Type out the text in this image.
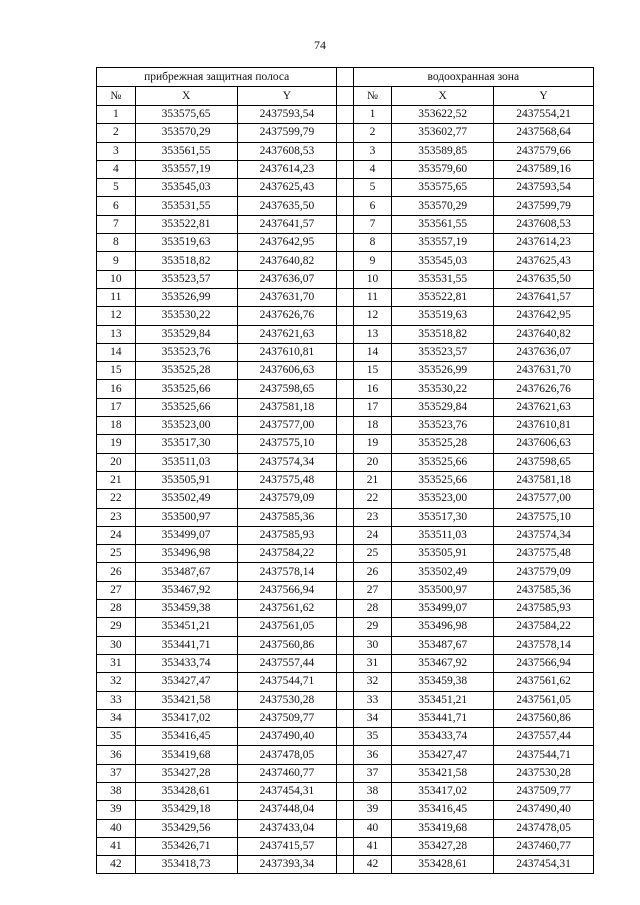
74
прибрежная защитная полоса				водоохранная зона		
№	X	Y		№	X	Y
1	353575,65	2437593,54		1	353622,52	2437554,21
2	353570,29	2437599,79		2	353602,77	2437568,64
3	353561,55	2437608,53		3	353589,85	2437579,66
4	353557,19	2437614,23		4	353579,60	2437589,16
5	353545,03	2437625,43		5	353575,65	2437593,54
6	353531,55	2437635,50		6	353570,29	2437599,79
7	353522,81	2437641,57		7	353561,55	2437608,53
8	353519,63	2437642,95		8	353557,19	2437614,23
9	353518,82	2437640,82		9	353545,03	2437625,43
10	353523,57	2437636,07		10	353531,55	2437635,50
11	353526,99	2437631,70		11	353522,81	2437641,57
12	353530,22	2437626,76		12	353519,63	2437642,95
13	353529,84	2437621,63		13	353518,82	2437640,82
14	353523,76	2437610,81		14	353523,57	2437636,07
15	353525,28	2437606,63		15	353526,99	2437631,70
16	353525,66	2437598,65		16	353530,22	2437626,76
17	353525,66	2437581,18		17	353529,84	2437621,63
18	353523,00	2437577,00		18	353523,76	2437610,81
19	353517,30	2437575,10		19	353525,28	2437606,63
20	353511,03	2437574,34		20	353525,66	2437598,65
21	353505,91	2437575,48		21	353525,66	2437581,18
22	353502,49	2437579,09		22	353523,00	2437577,00
23	353500,97	2437585,36		23	353517,30	2437575,10
24	353499,07	2437585,93		24	353511,03	2437574,34
25	353496,98	2437584,22		25	353505,91	2437575,48
26	353487,67	2437578,14		26	353502,49	2437579,09
27	353467,92	2437566,94		27	353500,97	2437585,36
28	353459,38	2437561,62		28	353499,07	2437585,93
29	353451,21	2437561,05		29	353496,98	2437584,22
30	353441,71	2437560,86		30	353487,67	2437578,14
31	353433,74	2437557,44		31	353467,92	2437566,94
32	353427,47	2437544,71		32	353459,38	2437561,62
33	353421,58	2437530,28		33	353451,21	2437561,05
34	353417,02	2437509,77		34	353441,71	2437560,86
35	353416,45	2437490,40		35	353433,74	2437557,44
36	353419,68	2437478,05		36	353427,47	2437544,71
37	353427,28	2437460,77		37	353421,58	2437530,28
38	353428,61	2437454,31		38	353417,02	2437509,77
39	353429,18	2437448,04		39	353416,45	2437490,40
40	353429,56	2437433,04		40	353419,68	2437478,05
41	353426,71	2437415,57		41	353427,28	2437460,77
42	353418,73	2437393,34		42	353428,61	2437454,31
